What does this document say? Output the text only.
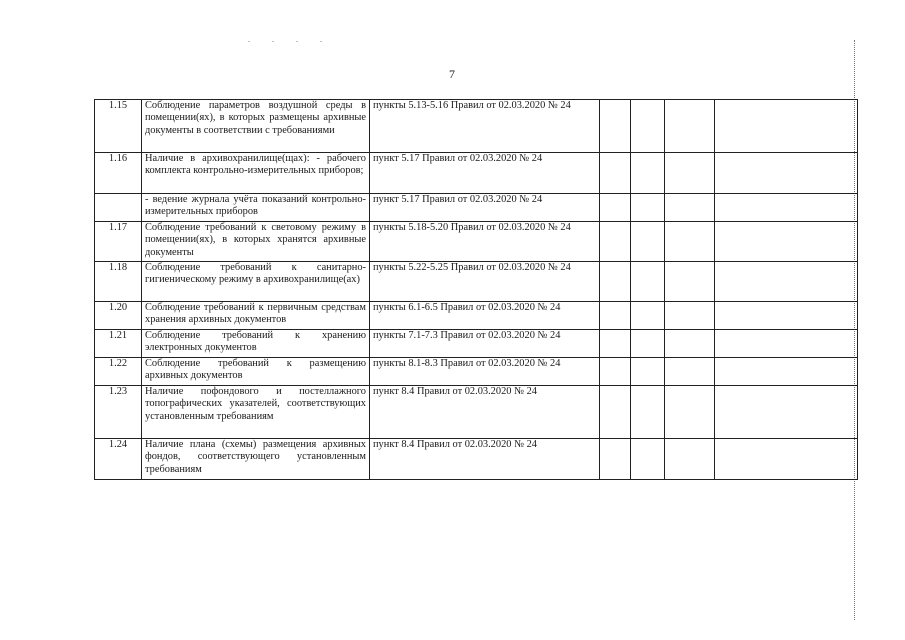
. . . .
7
1.15	Соблюдение параметров воздушной среды в помещении(ях), в которых размещены архивные документы в соответствии с требованиями	пункты 5.13-5.16 Правил от 02.03.2020 № 24				
1.16	Наличие в архивохранилище(щах): - рабочего комплекта контрольно-измерительных приборов;	пункт 5.17 Правил от 02.03.2020 № 24				
	- ведение журнала учёта показаний контрольно-измерительных приборов	пункт 5.17 Правил от 02.03.2020 № 24				
1.17	Соблюдение требований к световому режиму в помещении(ях), в которых хранятся архивные документы	пункты 5.18-5.20 Правил от 02.03.2020 № 24				
1.18	Соблюдение требований к санитарно-гигиеническому режиму в архивохранилище(ах)	пункты 5.22-5.25 Правил от 02.03.2020 № 24				
1.20	Соблюдение требований к первичным средствам хранения архивных документов	пункты 6.1-6.5 Правил от 02.03.2020 № 24				
1.21	Соблюдение требований к хранению электронных документов	пункты 7.1-7.3 Правил от 02.03.2020 № 24				
1.22	Соблюдение требований к размещению архивных документов	пункты 8.1-8.3 Правил от 02.03.2020 № 24				
1.23	Наличие пофондового и постеллажного топографических указателей, соответствующих установленным требованиям	пункт 8.4 Правил от 02.03.2020 № 24				
1.24	Наличие плана (схемы) размещения архивных фондов, соответствующего установленным требованиям	пункт 8.4 Правил от 02.03.2020 № 24				
